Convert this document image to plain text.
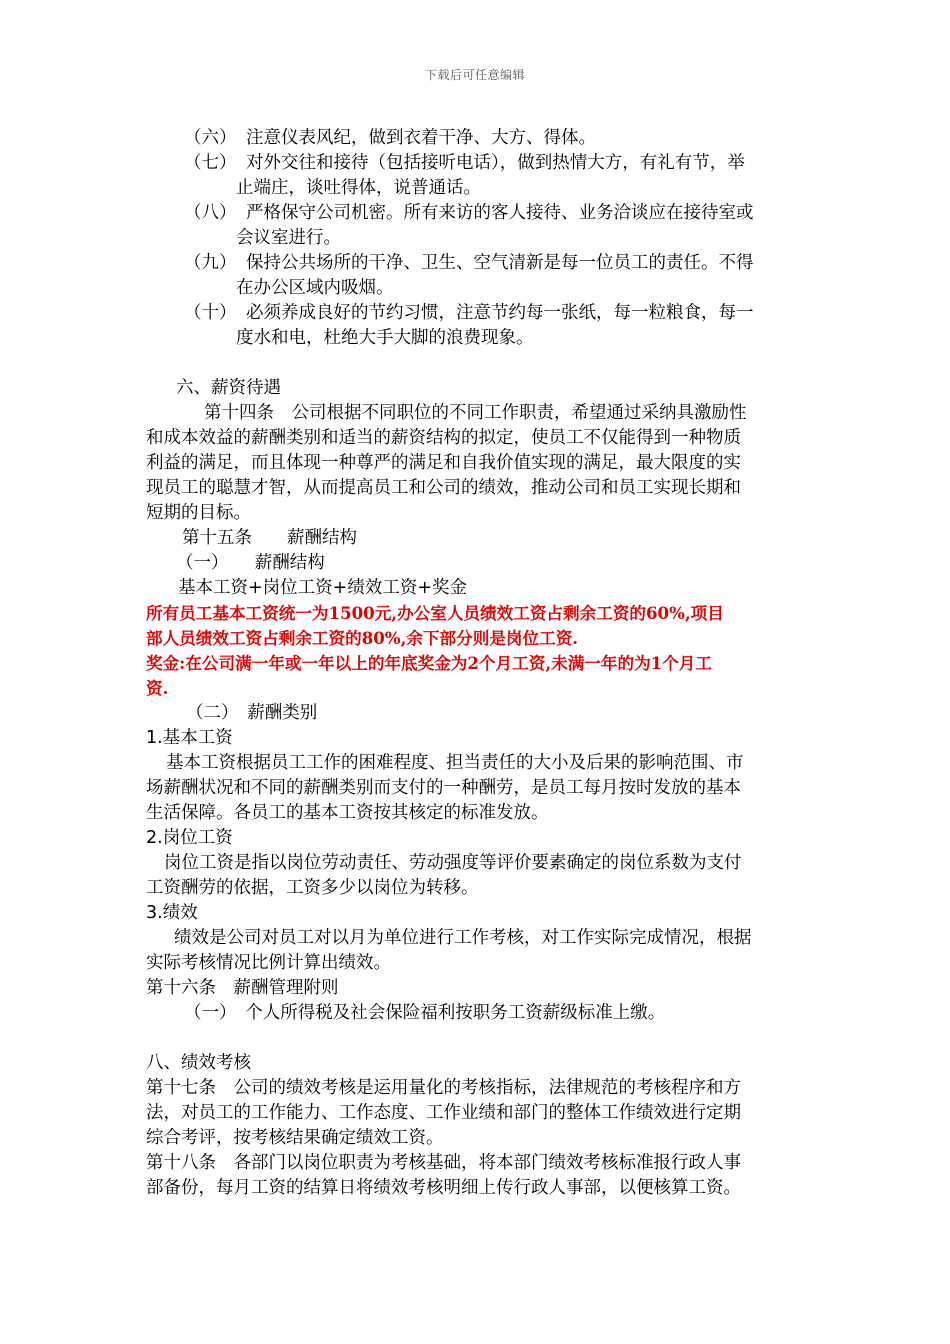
下载后可任意编辑
（六） 注意仪表风纪，做到衣着干净、大方、得体。

（七） 对外交往和接待（包括接听电话），做到热情大方，有礼有节，举

止端庄，谈吐得体，说普通话。

（八） 严格保守公司机密。所有来访的客人接待、业务洽谈应在接待室或

会议室进行。

（九） 保持公共场所的干净、卫生、空气清新是每一位员工的责任。不得

在办公区域内吸烟。

（十） 必须养成良好的节约习惯，注意节约每一张纸，每一粒粮食，每一

度水和电，杜绝大手大脚的浪费现象。

六、薪资待遇

第十四条　公司根据不同职位的不同工作职责，希望通过采纳具激励性

和成本效益的薪酬类别和适当的薪资结构的拟定，使员工不仅能得到一种物质

利益的满足，而且体现一种尊严的满足和自我价值实现的满足，最大限度的实

现员工的聪慧才智，从而提高员工和公司的绩效，推动公司和员工实现长期和

短期的目标。

第十五条　　薪酬结构

（一）　　薪酬结构

基本工资+岗位工资+绩效工资+奖金

所有员工基本工资统一为1500元,办公室人员绩效工资占剩余工资的60%,项目

部人员绩效工资占剩余工资的80%,余下部分则是岗位工资.

奖金:在公司满一年或一年以上的年底奖金为2个月工资,未满一年的为1个月工

资.

（二）　薪酬类别

1.基本工资

基本工资根据员工工作的困难程度、担当责任的大小及后果的影响范围、市

场薪酬状况和不同的薪酬类别而支付的一种酬劳，是员工每月按时发放的基本

生活保障。各员工的基本工资按其核定的标准发放。

2.岗位工资

岗位工资是指以岗位劳动责任、劳动强度等评价要素确定的岗位系数为支付

工资酬劳的依据，工资多少以岗位为转移。

3.绩效

绩效是公司对员工对以月为单位进行工作考核，对工作实际完成情况，根据

实际考核情况比例计算出绩效。

第十六条　薪酬管理附则

（一）　个人所得税及社会保险福利按职务工资薪级标准上缴。

八、绩效考核

第十七条　公司的绩效考核是运用量化的考核指标，法律规范的考核程序和方

法，对员工的工作能力、工作态度、工作业绩和部门的整体工作绩效进行定期

综合考评，按考核结果确定绩效工资。

第十八条　各部门以岗位职责为考核基础，将本部门绩效考核标准报行政人事

部备份，每月工资的结算日将绩效考核明细上传行政人事部，以便核算工资。
